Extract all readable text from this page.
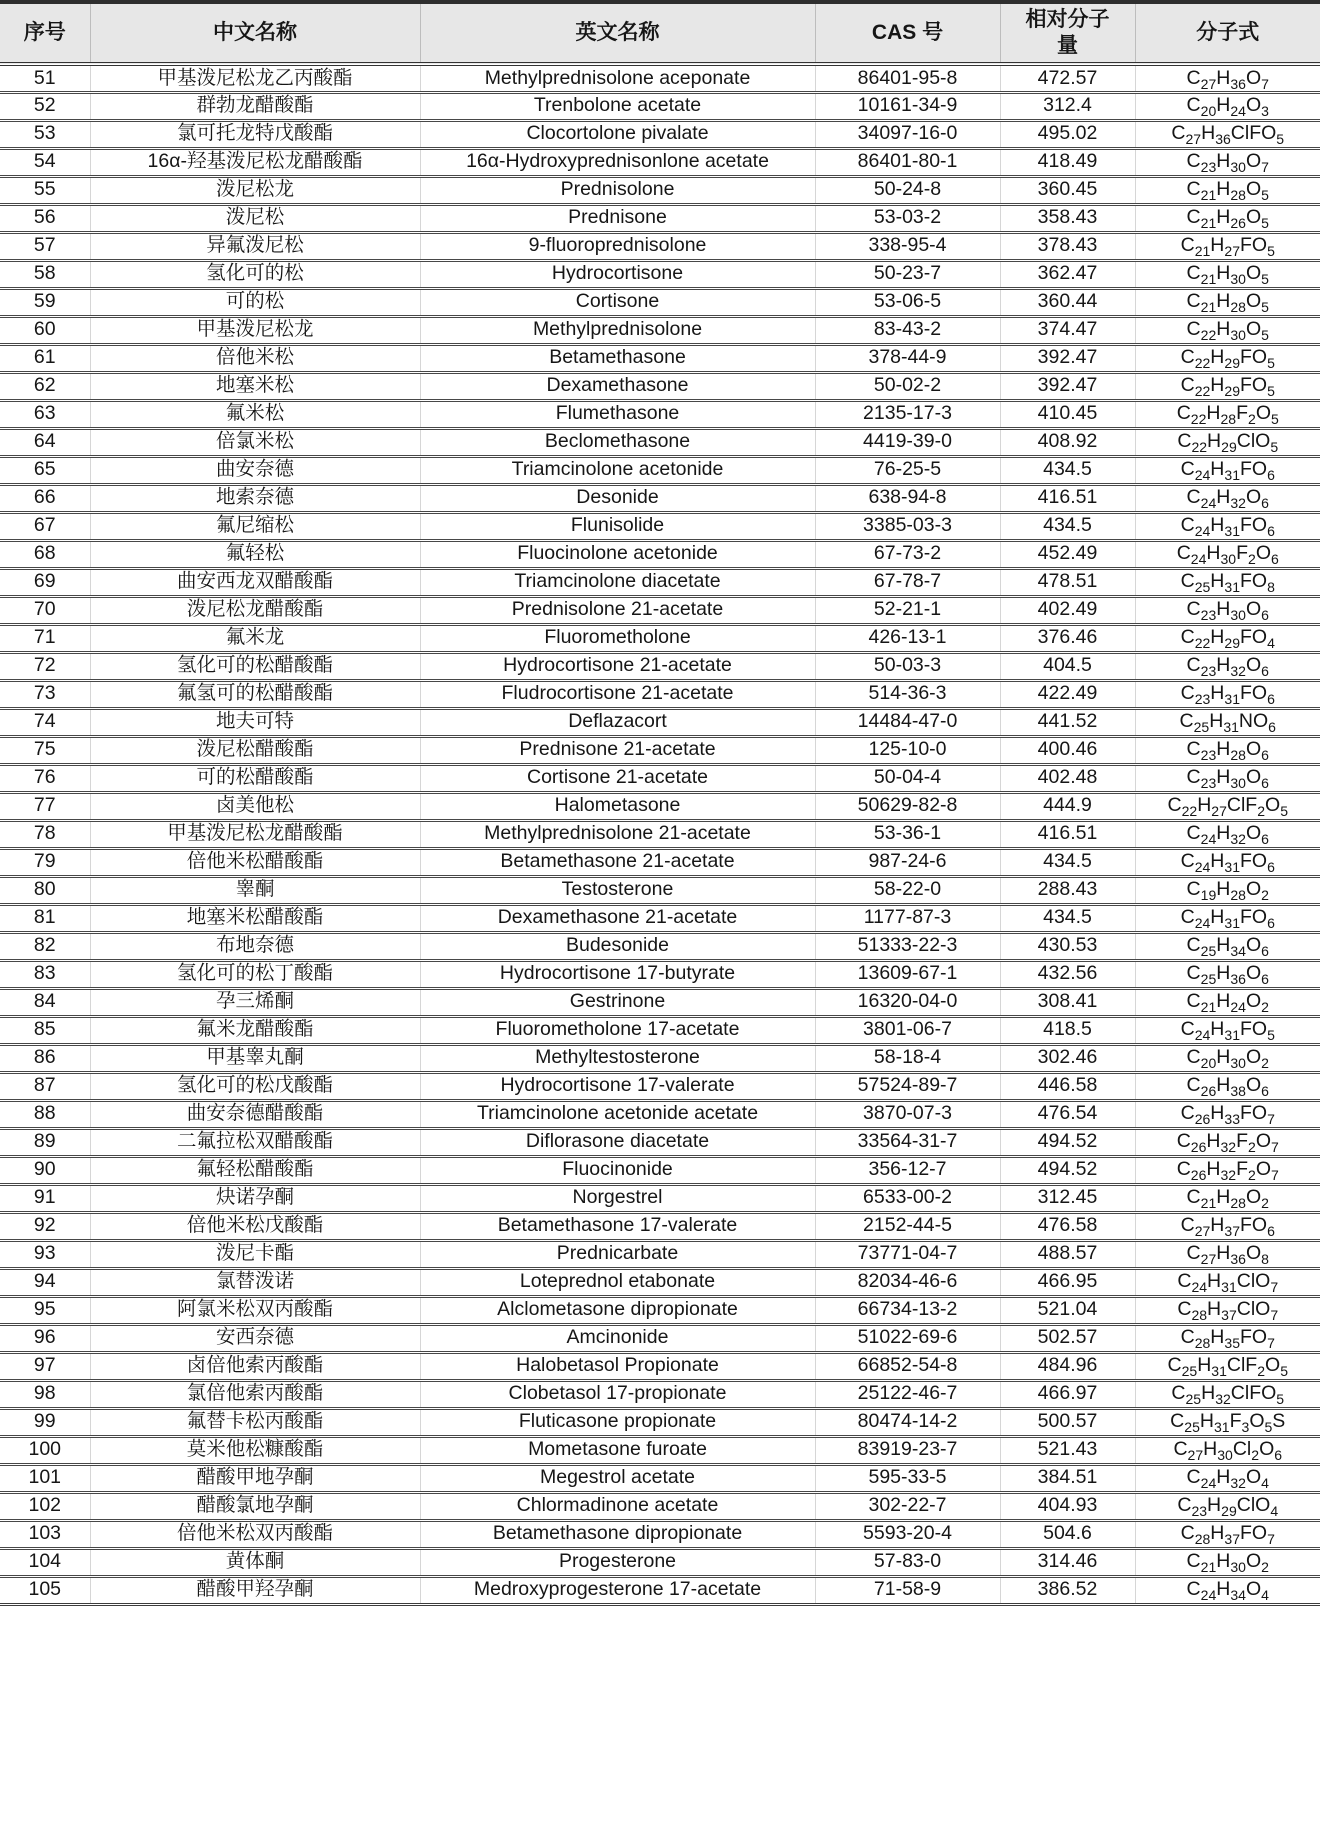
序号	中文名称	英文名称	CAS 号	相对分子量	分子式
51	甲基泼尼松龙乙丙酸酯	Methylprednisolone aceponate	86401-95-8	472.57	$C_{27}H_{36}O_7$
52	群勃龙醋酸酯	Trenbolone acetate	10161-34-9	312.4	$C_{20}H_{24}O_3$
53	氯可托龙特戊酸酯	Clocortolone pivalate	34097-16-0	495.02	$C_{27}H_{36}ClFO_5$
54	16α-羟基泼尼松龙醋酸酯	16α-Hydroxyprednisonlone acetate	86401-80-1	418.49	$C_{23}H_{30}O_7$
55	泼尼松龙	Prednisolone	50-24-8	360.45	$C_{21}H_{28}O_5$
56	泼尼松	Prednisone	53-03-2	358.43	$C_{21}H_{26}O_5$
57	异氟泼尼松	9-fluoroprednisolone	338-95-4	378.43	$C_{21}H_{27}FO_5$
58	氢化可的松	Hydrocortisone	50-23-7	362.47	$C_{21}H_{30}O_5$
59	可的松	Cortisone	53-06-5	360.44	$C_{21}H_{28}O_5$
60	甲基泼尼松龙	Methylprednisolone	83-43-2	374.47	$C_{22}H_{30}O_5$
61	倍他米松	Betamethasone	378-44-9	392.47	$C_{22}H_{29}FO_5$
62	地塞米松	Dexamethasone	50-02-2	392.47	$C_{22}H_{29}FO_5$
63	氟米松	Flumethasone	2135-17-3	410.45	$C_{22}H_{28}F_2O_5$
64	倍氯米松	Beclomethasone	4419-39-0	408.92	$C_{22}H_{29}ClO_5$
65	曲安奈德	Triamcinolone acetonide	76-25-5	434.5	$C_{24}H_{31}FO_6$
66	地索奈德	Desonide	638-94-8	416.51	$C_{24}H_{32}O_6$
67	氟尼缩松	Flunisolide	3385-03-3	434.5	$C_{24}H_{31}FO_6$
68	氟轻松	Fluocinolone acetonide	67-73-2	452.49	$C_{24}H_{30}F_2O_6$
69	曲安西龙双醋酸酯	Triamcinolone diacetate	67-78-7	478.51	$C_{25}H_{31}FO_8$
70	泼尼松龙醋酸酯	Prednisolone 21-acetate	52-21-1	402.49	$C_{23}H_{30}O_6$
71	氟米龙	Fluorometholone	426-13-1	376.46	$C_{22}H_{29}FO_4$
72	氢化可的松醋酸酯	Hydrocortisone 21-acetate	50-03-3	404.5	$C_{23}H_{32}O_6$
73	氟氢可的松醋酸酯	Fludrocortisone 21-acetate	514-36-3	422.49	$C_{23}H_{31}FO_6$
74	地夫可特	Deflazacort	14484-47-0	441.52	$C_{25}H_{31}NO_6$
75	泼尼松醋酸酯	Prednisone 21-acetate	125-10-0	400.46	$C_{23}H_{28}O_6$
76	可的松醋酸酯	Cortisone 21-acetate	50-04-4	402.48	$C_{23}H_{30}O_6$
77	卤美他松	Halometasone	50629-82-8	444.9	$C_{22}H_{27}ClF_2O_5$
78	甲基泼尼松龙醋酸酯	Methylprednisolone 21-acetate	53-36-1	416.51	$C_{24}H_{32}O_6$
79	倍他米松醋酸酯	Betamethasone 21-acetate	987-24-6	434.5	$C_{24}H_{31}FO_6$
80	睾酮	Testosterone	58-22-0	288.43	$C_{19}H_{28}O_2$
81	地塞米松醋酸酯	Dexamethasone 21-acetate	1177-87-3	434.5	$C_{24}H_{31}FO_6$
82	布地奈德	Budesonide	51333-22-3	430.53	$C_{25}H_{34}O_6$
83	氢化可的松丁酸酯	Hydrocortisone 17-butyrate	13609-67-1	432.56	$C_{25}H_{36}O_6$
84	孕三烯酮	Gestrinone	16320-04-0	308.41	$C_{21}H_{24}O_2$
85	氟米龙醋酸酯	Fluorometholone 17-acetate	3801-06-7	418.5	$C_{24}H_{31}FO_5$
86	甲基睾丸酮	Methyltestosterone	58-18-4	302.46	$C_{20}H_{30}O_2$
87	氢化可的松戊酸酯	Hydrocortisone 17-valerate	57524-89-7	446.58	$C_{26}H_{38}O_6$
88	曲安奈德醋酸酯	Triamcinolone acetonide acetate	3870-07-3	476.54	$C_{26}H_{33}FO_7$
89	二氟拉松双醋酸酯	Diflorasone diacetate	33564-31-7	494.52	$C_{26}H_{32}F_2O_7$
90	氟轻松醋酸酯	Fluocinonide	356-12-7	494.52	$C_{26}H_{32}F_2O_7$
91	炔诺孕酮	Norgestrel	6533-00-2	312.45	$C_{21}H_{28}O_2$
92	倍他米松戊酸酯	Betamethasone 17-valerate	2152-44-5	476.58	$C_{27}H_{37}FO_6$
93	泼尼卡酯	Prednicarbate	73771-04-7	488.57	$C_{27}H_{36}O_8$
94	氯替泼诺	Loteprednol etabonate	82034-46-6	466.95	$C_{24}H_{31}ClO_7$
95	阿氯米松双丙酸酯	Alclometasone dipropionate	66734-13-2	521.04	$C_{28}H_{37}ClO_7$
96	安西奈德	Amcinonide	51022-69-6	502.57	$C_{28}H_{35}FO_7$
97	卤倍他索丙酸酯	Halobetasol Propionate	66852-54-8	484.96	$C_{25}H_{31}ClF_2O_5$
98	氯倍他索丙酸酯	Clobetasol 17-propionate	25122-46-7	466.97	$C_{25}H_{32}ClFO_5$
99	氟替卡松丙酸酯	Fluticasone propionate	80474-14-2	500.57	$C_{25}H_{31}F_3O_5S$
100	莫米他松糠酸酯	Mometasone furoate	83919-23-7	521.43	$C_{27}H_{30}Cl_2O_6$
101	醋酸甲地孕酮	Megestrol acetate	595-33-5	384.51	$C_{24}H_{32}O_4$
102	醋酸氯地孕酮	Chlormadinone acetate	302-22-7	404.93	$C_{23}H_{29}ClO_4$
103	倍他米松双丙酸酯	Betamethasone dipropionate	5593-20-4	504.6	$C_{28}H_{37}FO_7$
104	黄体酮	Progesterone	57-83-0	314.46	$C_{21}H_{30}O_2$
105	醋酸甲羟孕酮	Medroxyprogesterone 17-acetate	71-58-9	386.52	$C_{24}H_{34}O_4$
